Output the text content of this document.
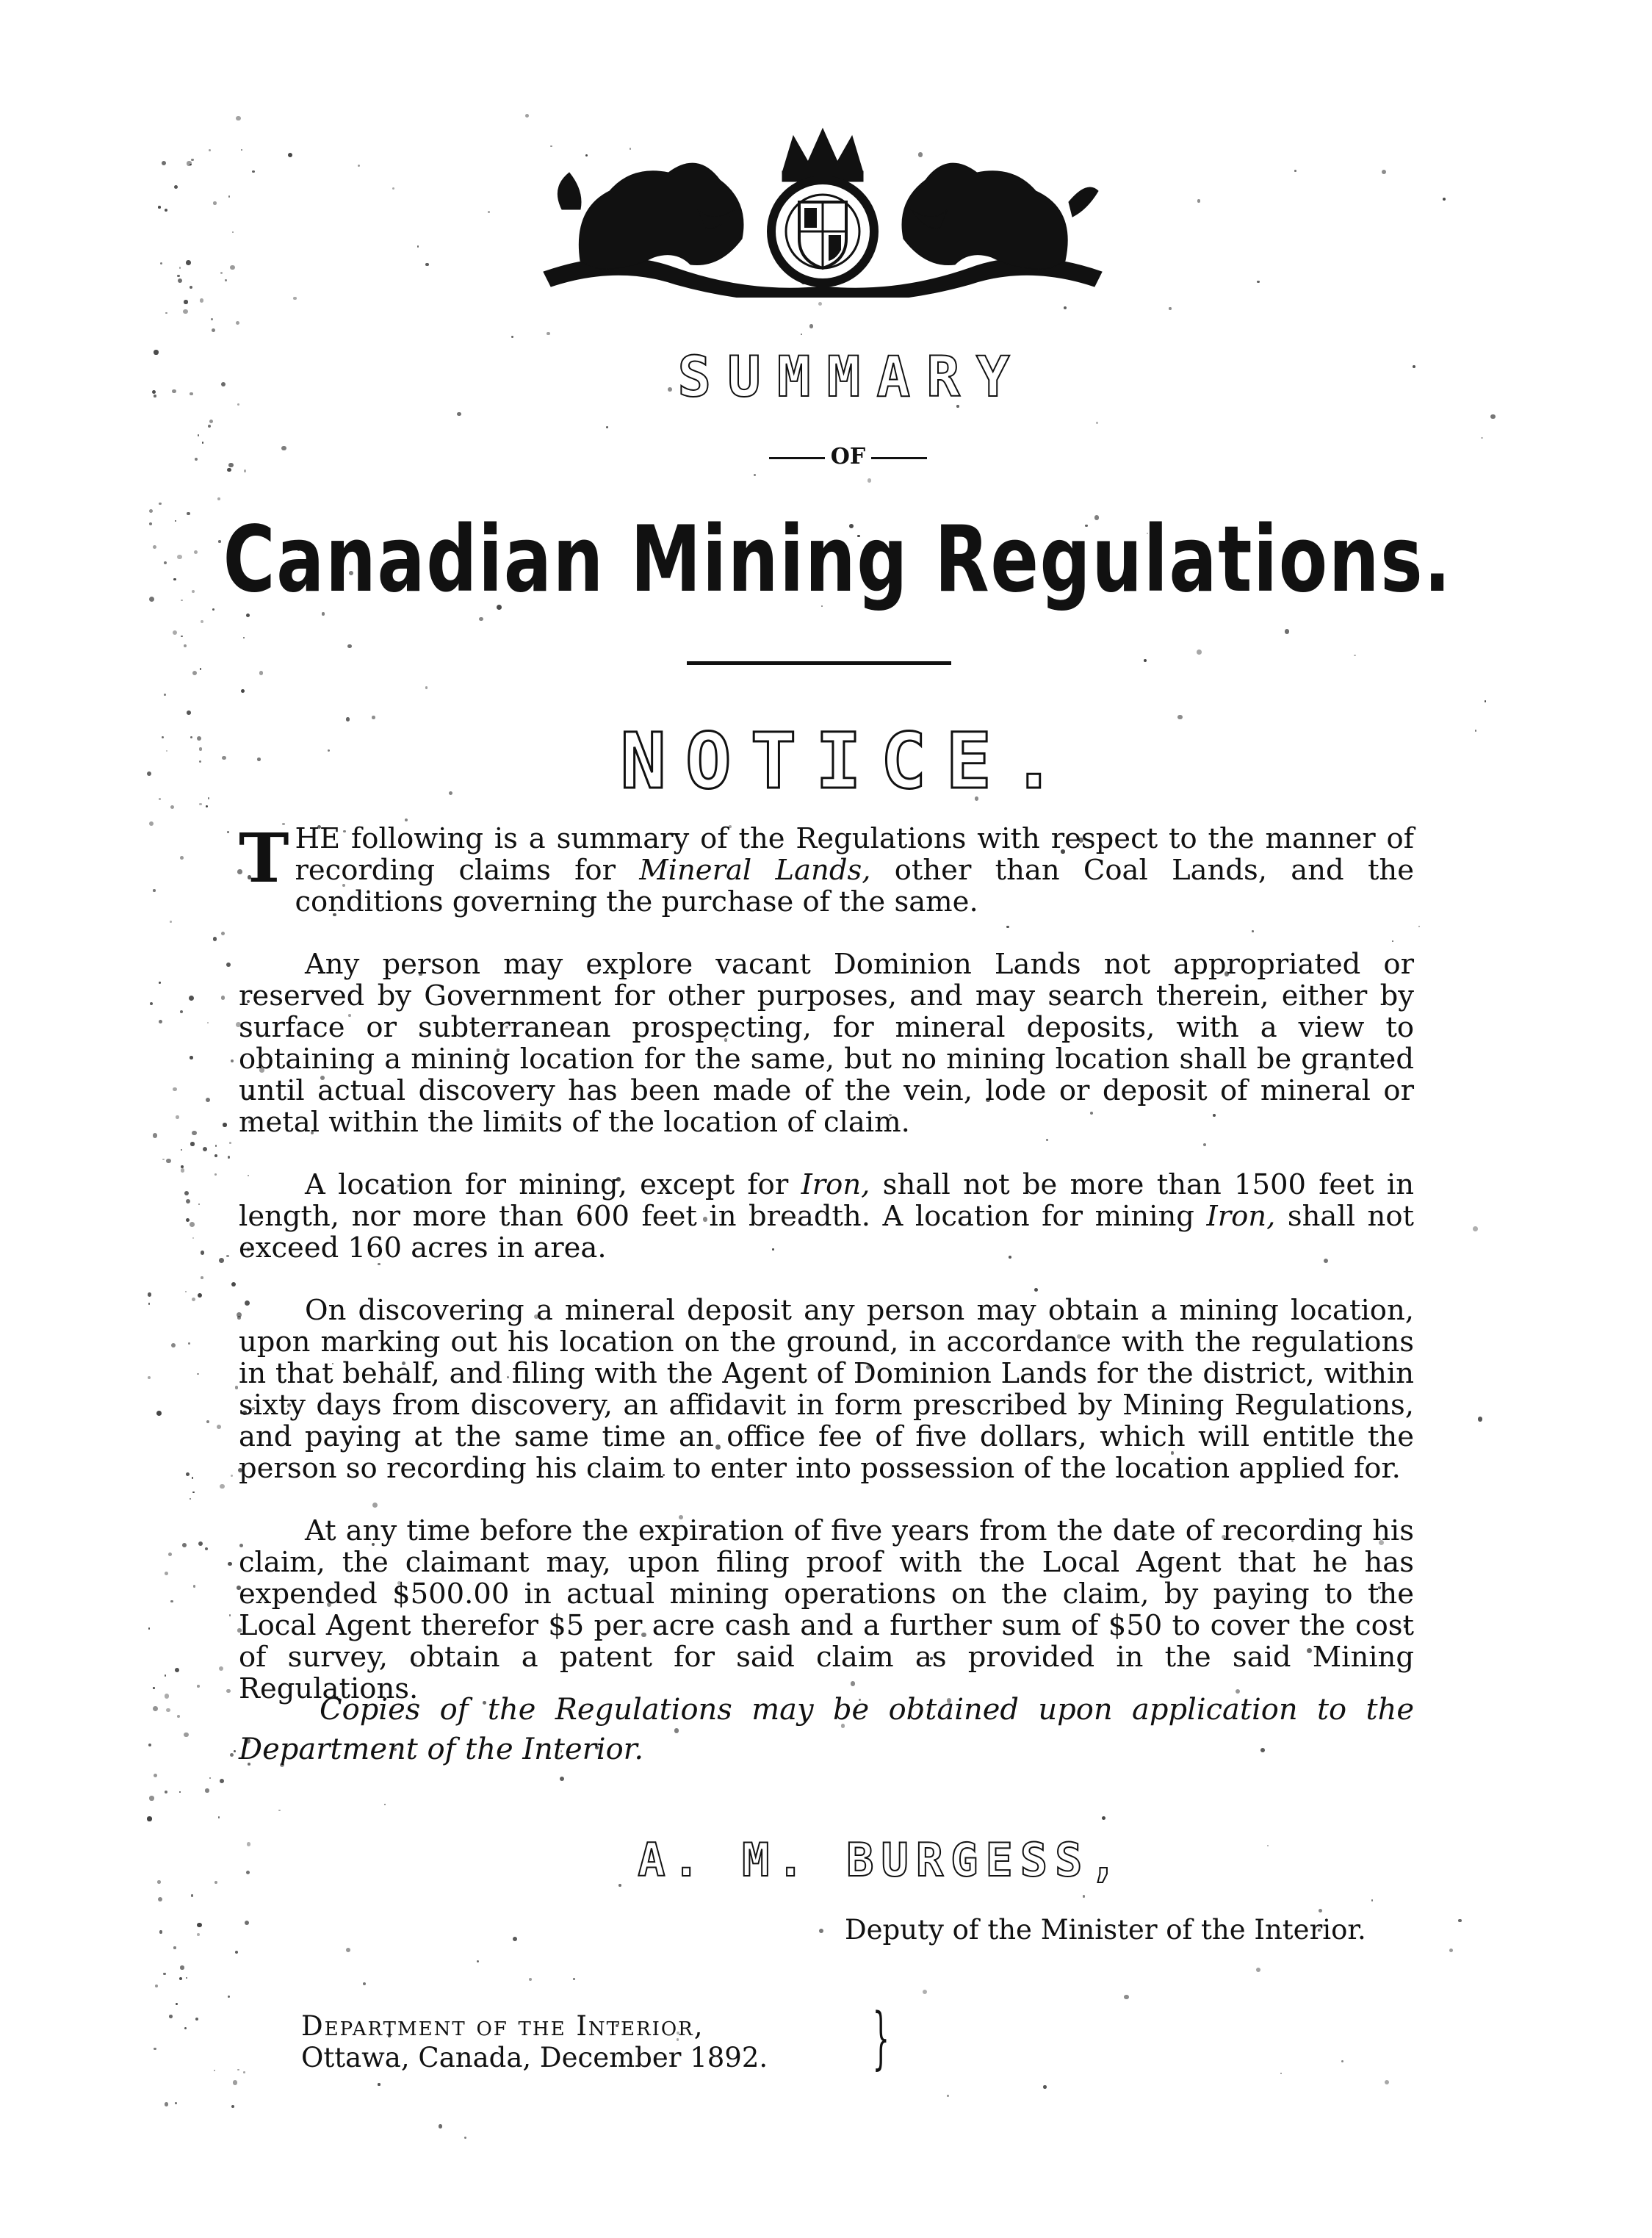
SUMMARY
OF
Canadian Mining Regulations.
NOTICE.

THE following is a summary of the Regulations with respect to the manner of recording claims for Mineral Lands, other than Coal Lands, and the conditions governing the purchase of the same.

Any person may explore vacant Dominion Lands not appropriated or reserved by Government for other purposes, and may search therein, either by surface or subterranean prospecting, for mineral deposits, with a view to obtaining a mining location for the same, but no mining location shall be granted until actual discovery has been made of the vein, lode or deposit of mineral or metal within the limits of the location of claim.

A location for mining, except for Iron, shall not be more than 1500 feet in length, nor more than 600 feet in breadth. A location for mining Iron, shall not exceed 160 acres in area.

On discovering a mineral deposit any person may obtain a mining location, upon marking out his location on the ground, in accordance with the regulations in that behalf, and filing with the Agent of Dominion Lands for the district, within sixty days from discovery, an affidavit in form prescribed by Mining Regulations, and paying at the same time an office fee of five dollars, which will entitle the person so recording his claim to enter into possession of the location applied for.

At any time before the expiration of five years from the date of recording his claim, the claimant may, upon filing proof with the Local Agent that he has expended $500.00 in actual mining operations on the claim, by paying to the Local Agent therefor $5 per acre cash and a further sum of $50 to cover the cost of survey, obtain a patent for said claim as provided in the said Mining Regulations.

Copies of the Regulations may be obtained upon application to the Department of the Interior.
A. M. BURGESS,
Deputy of the Minister of the Interior.
Department of the Interior,
Ottawa, Canada, December 1892. }
